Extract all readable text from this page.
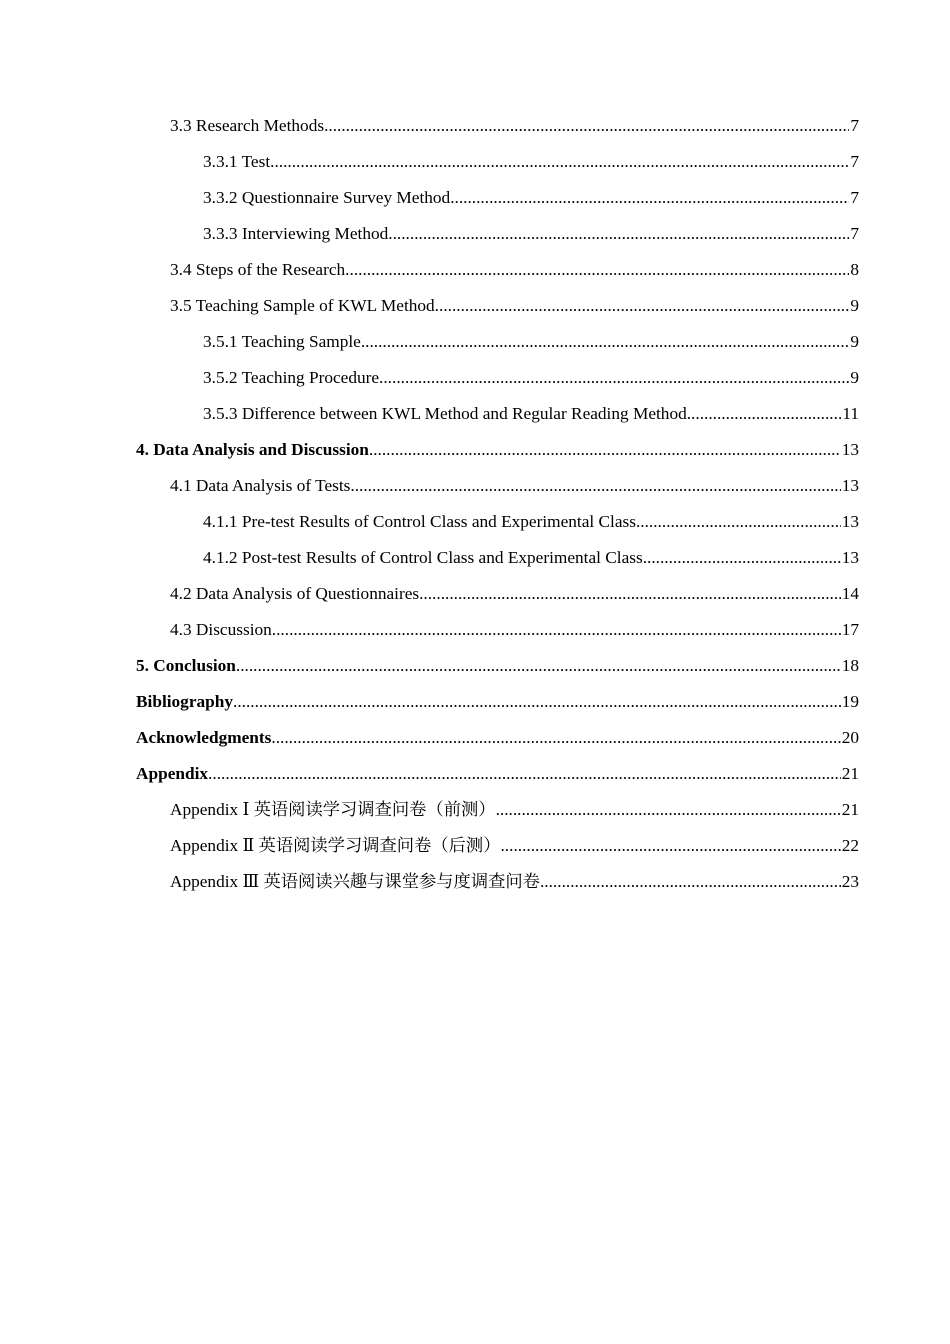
3.3 Research Methods .....	7
3.3.1 Test .....	7
3.3.2 Questionnaire Survey Method .....	7
3.3.3 Interviewing Method .....	7
3.4 Steps of the Research .....	8
3.5 Teaching Sample of KWL Method .....	9
3.5.1 Teaching Sample .....	9
3.5.2 Teaching Procedure .....	9
3.5.3 Difference between KWL Method and Regular Reading Method .....	11
4. Data Analysis and Discussion .....	13
4.1 Data Analysis of Tests .....	13
4.1.1 Pre-test Results of Control Class and Experimental Class .....	13
4.1.2 Post-test Results of Control Class and Experimental Class .....	13
4.2 Data Analysis of Questionnaires .....	14
4.3 Discussion .....	17
5. Conclusion .....	18
Bibliography .....	19
Acknowledgments .....	20
Appendix .....	21
Appendix Ⅰ 英语阅读学习调查问卷（前测） .....	21
Appendix Ⅱ 英语阅读学习调查问卷（后测） .....	22
Appendix Ⅲ 英语阅读兴趣与课堂参与度调查问卷 .....	23
